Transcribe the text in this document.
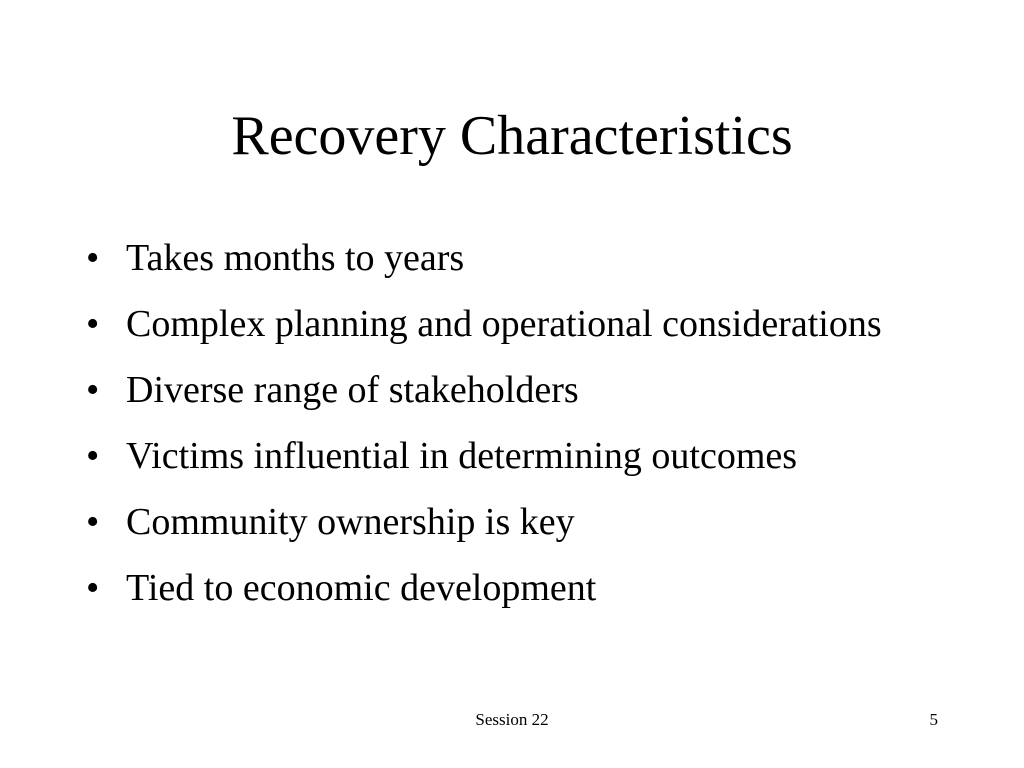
Recovery Characteristics
• Takes months to years
• Complex planning and operational considerations
• Diverse range of stakeholders
• Victims influential in determining outcomes
• Community ownership is key
• Tied to economic development
Session 22	5
